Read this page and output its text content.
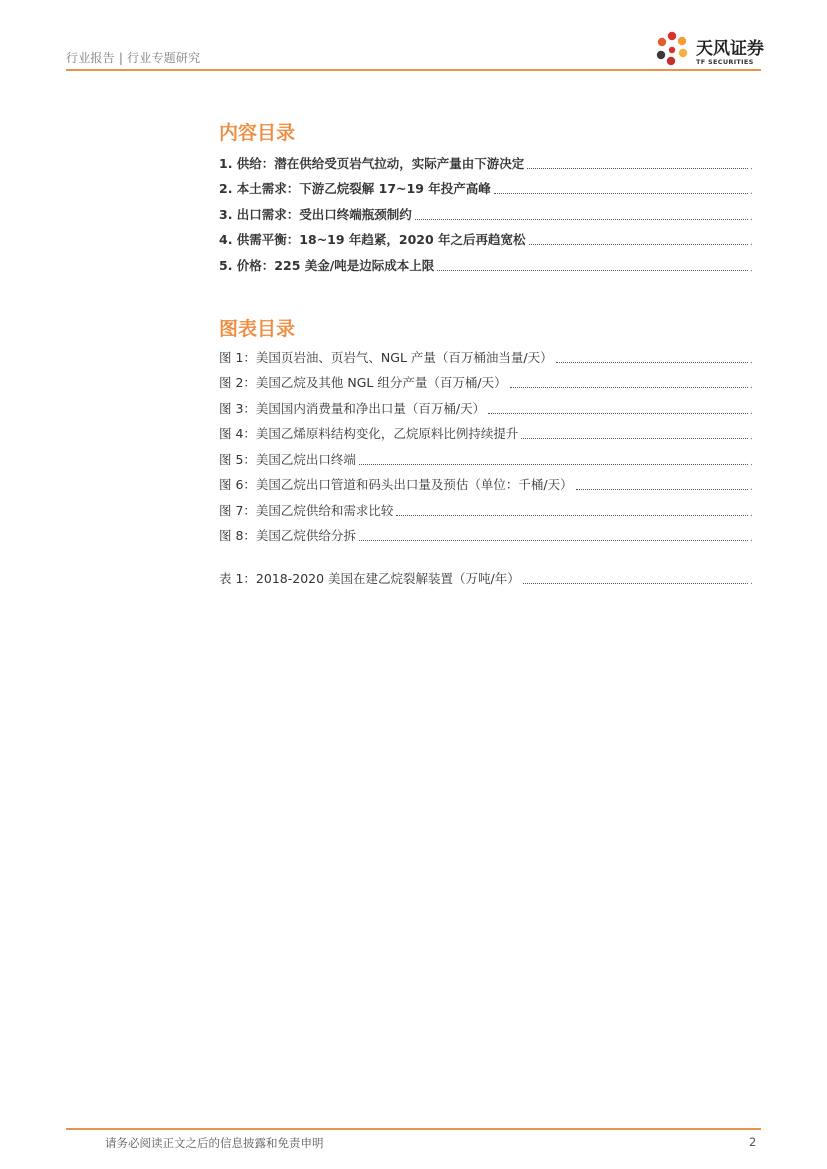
行业报告 | 行业专题研究	天风证券
TF SECURITIES
内容目录
1. 供给：潜在供给受页岩气拉动，实际产量由下游决定	.
2. 本土需求：下游乙烷裂解 17~19 年投产高峰	.
3. 出口需求：受出口终端瓶颈制约	.
4. 供需平衡：18~19 年趋紧，2020 年之后再趋宽松	.
5. 价格：225 美金/吨是边际成本上限	.
图表目录
图 1：美国页岩油、页岩气、NGL 产量（百万桶油当量/天）	.
图 2：美国乙烷及其他 NGL 组分产量（百万桶/天）	.
图 3：美国国内消费量和净出口量（百万桶/天）	.
图 4：美国乙烯原料结构变化，乙烷原料比例持续提升	.
图 5：美国乙烷出口终端	.
图 6：美国乙烷出口管道和码头出口量及预估（单位：千桶/天）	.
图 7：美国乙烷供给和需求比较	.
图 8：美国乙烷供给分拆	.
表 1：2018-2020 美国在建乙烷裂解装置（万吨/年）	.
请务必阅读正文之后的信息披露和免责申明	2
